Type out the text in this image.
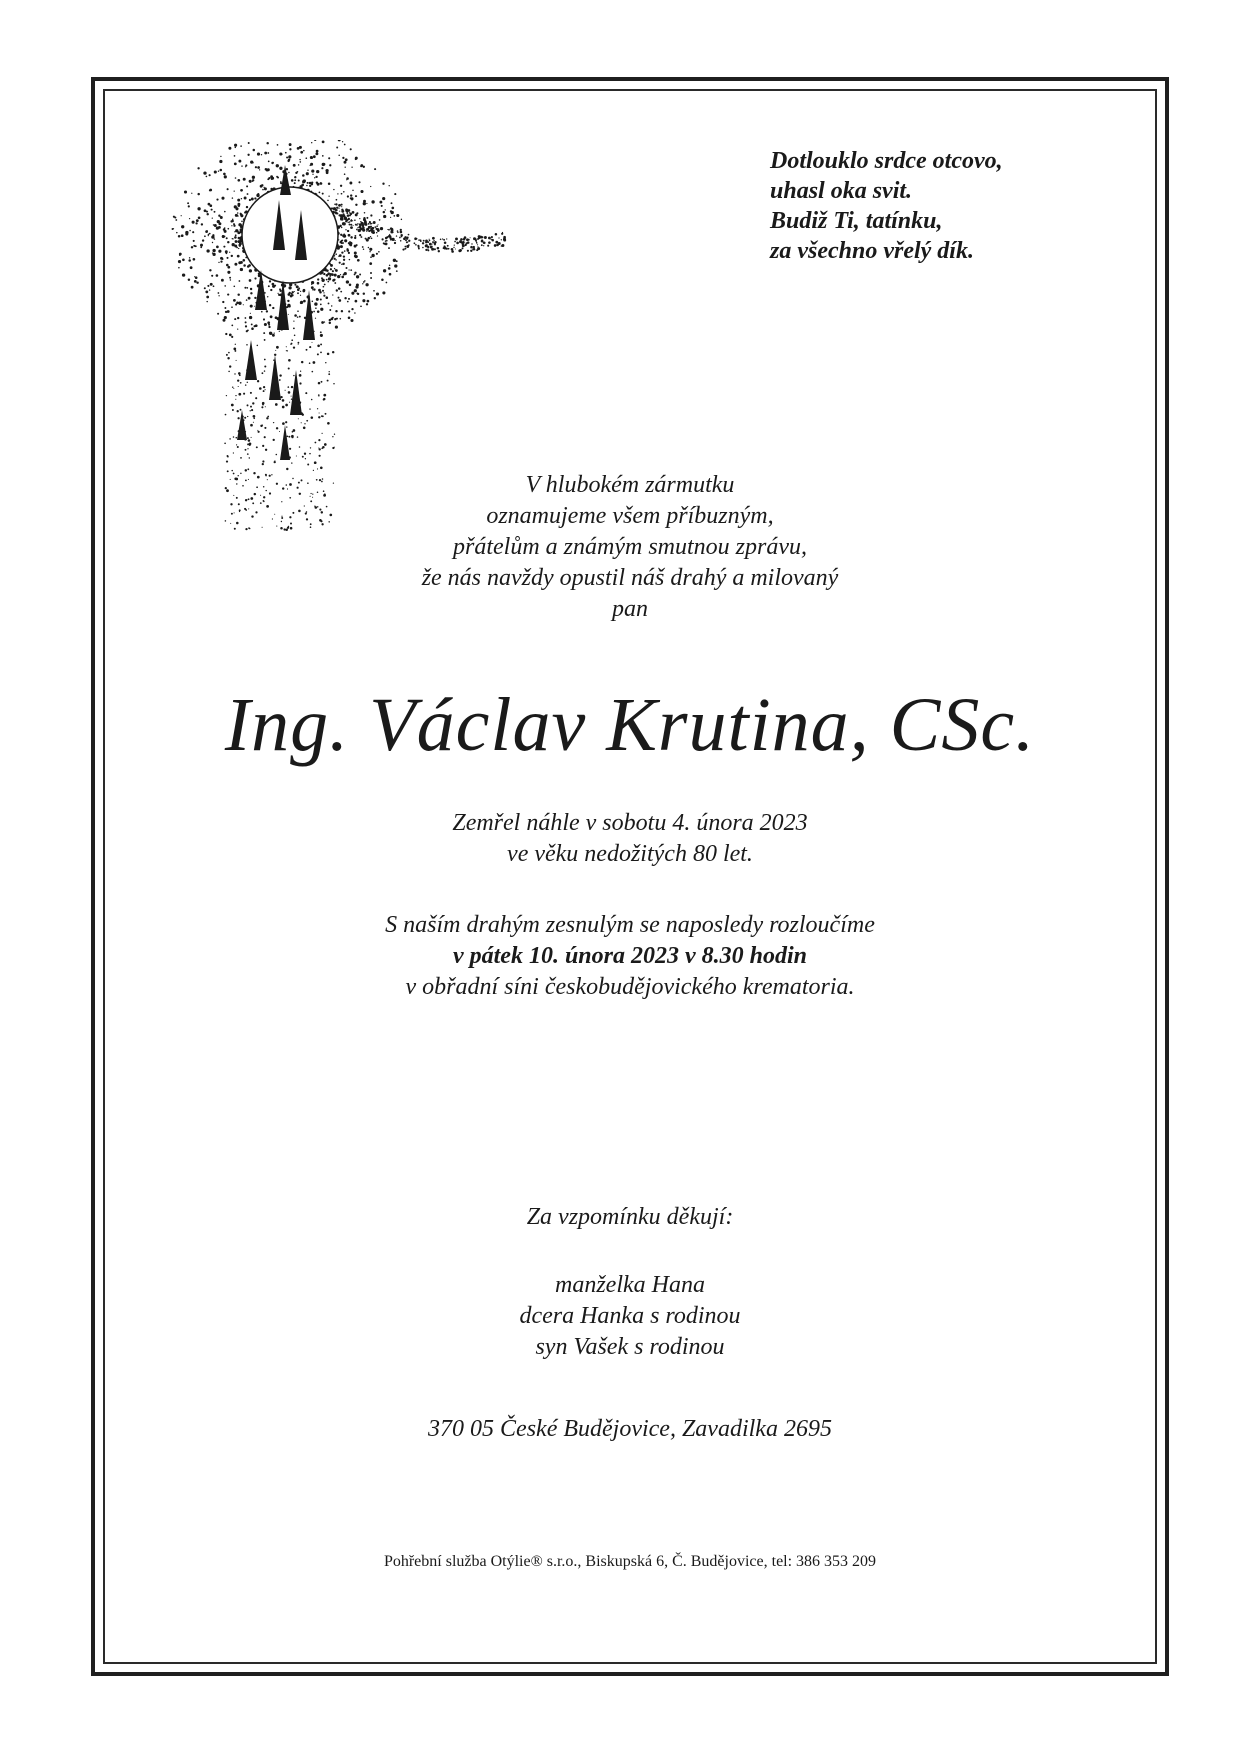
Dotlouklo srdce otcovo,
uhasl oka svit.
Budiž Ti, tatínku,
za všechno vřelý dík.
V hlubokém zármutku
oznamujeme všem příbuzným,
přátelům a známým smutnou zprávu,
že nás navždy opustil náš drahý a milovaný
pan
Ing. Václav Krutina, CSc.
Zemřel náhle v sobotu 4. února 2023
ve věku nedožitých 80 let.
S naším drahým zesnulým se naposledy rozloučíme
v pátek 10. února 2023 v 8.30 hodin
v obřadní síni českobudějovického krematoria.
Za vzpomínku děkují:
manželka Hana
dcera Hanka s rodinou
syn Vašek s rodinou
370 05 České Budějovice, Zavadilka 2695
Pohřební služba Otýlie® s.r.o., Biskupská 6, Č. Budějovice, tel: 386 353 209
